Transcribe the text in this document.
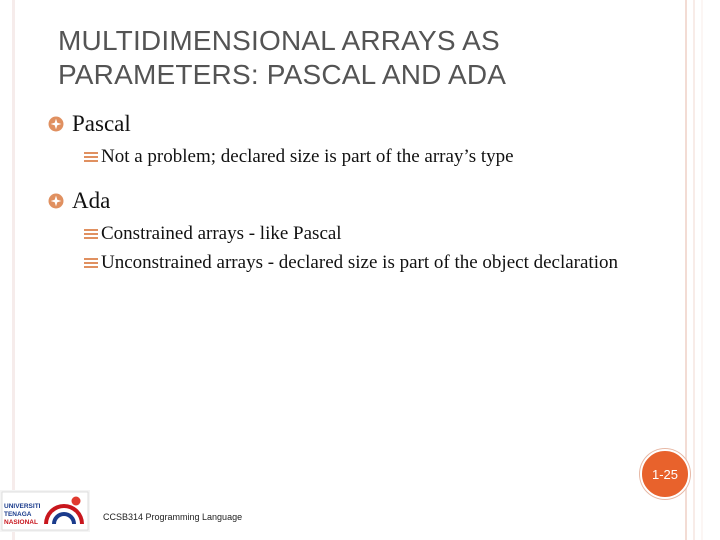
MULTIDIMENSIONAL ARRAYS AS
PARAMETERS: PASCAL AND ADA
Pascal
Not a problem; declared size is part of the array’s type
Ada
Constrained arrays - like Pascal
Unconstrained arrays - declared size is part of the object declaration
1-25
UNIVERSITI
TENAGA
NASIONAL
CCSB314 Programming Language
